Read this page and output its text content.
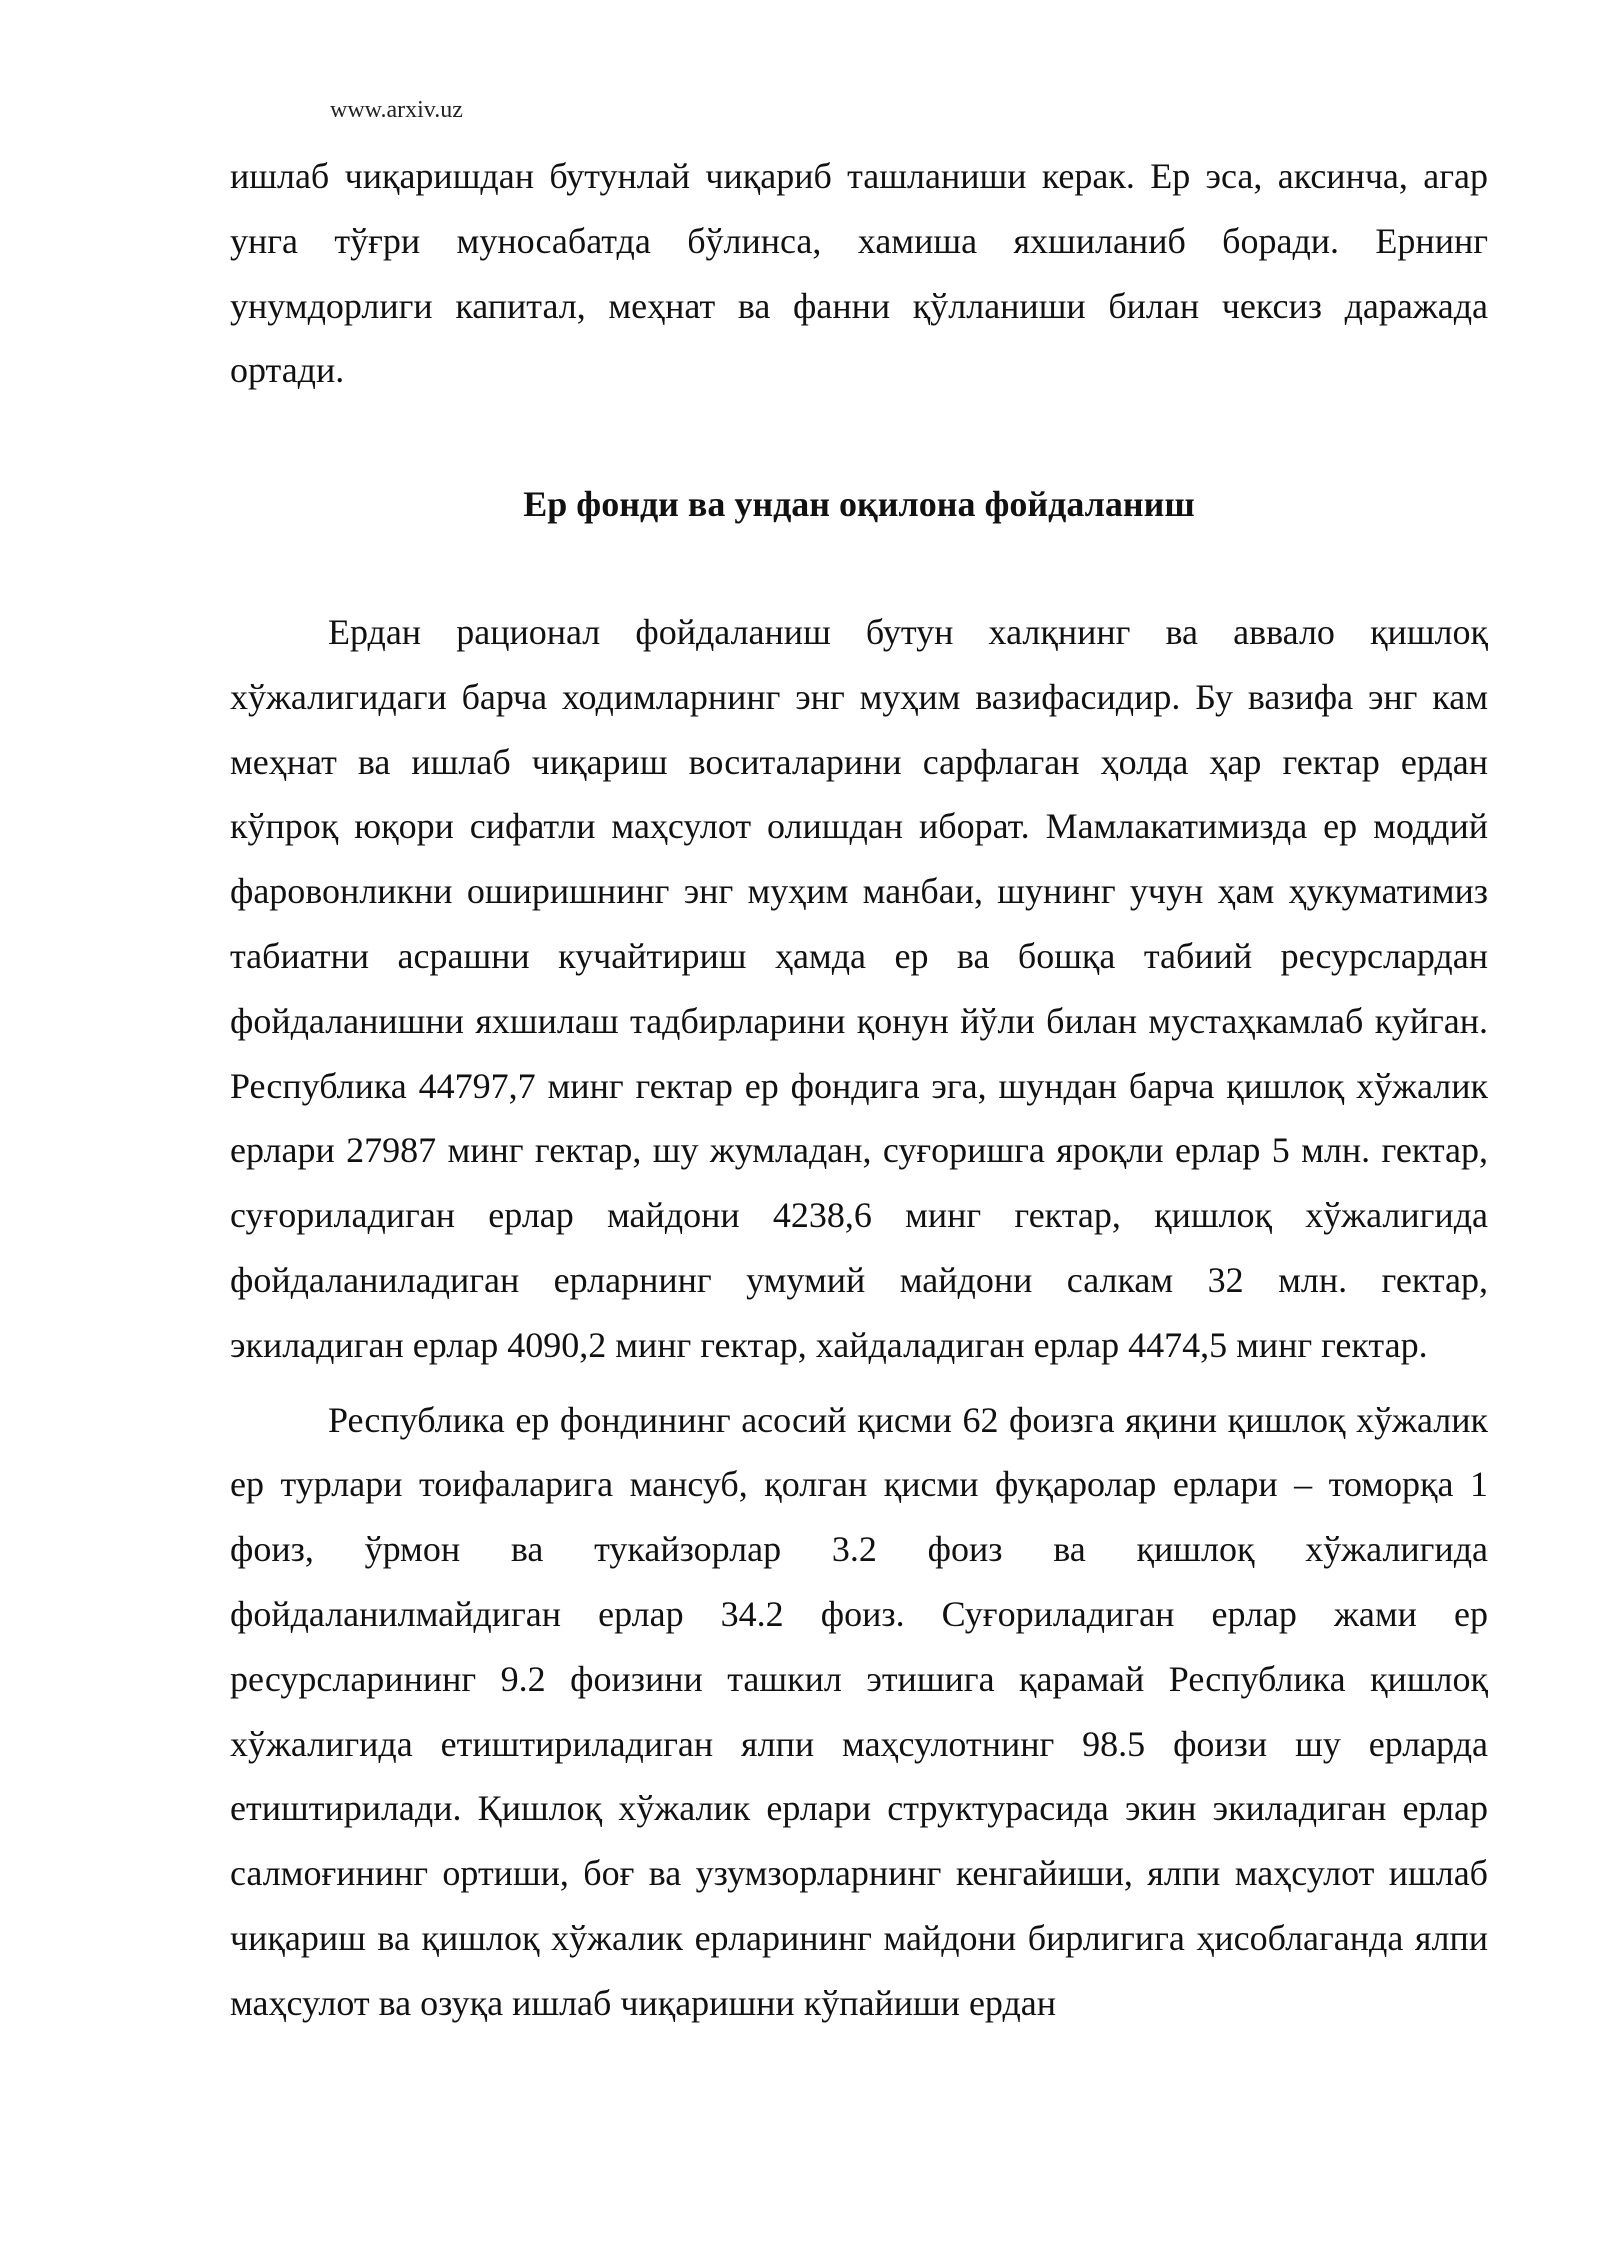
www.arxiv.uz

ишлаб чиқаришдан бутунлай чиқариб ташланиши керак. Ер эса, аксинча, агар унга тўғри муносабатда бўлинса, хамиша яхшиланиб боради. Ернинг унумдорлиги капитал, меҳнат ва фанни қўлланиши билан чексиз даражада ортади.

Ер фонди ва ундан оқилона фойдаланиш

Ердан рационал фойдаланиш бутун халқнинг ва аввало қишлоқ хўжалигидаги барча ходимларнинг энг муҳим вазифасидир. Бу вазифа энг кам меҳнат ва ишлаб чиқариш воситаларини сарфлаган ҳолда ҳар гектар ердан кўпроқ юқори сифатли маҳсулот олишдан иборат. Мамлакатимизда ер моддий фаровонликни оширишнинг энг муҳим манбаи, шунинг учун ҳам ҳукуматимиз табиатни асрашни кучайтириш ҳамда ер ва бошқа табиий ресурслардан фойдаланишни яхшилаш тадбирларини қонун йўли билан мустаҳкамлаб куйган. Республика 44797,7 минг гектар ер фондига эга, шундан барча қишлоқ хўжалик ерлари 27987 минг гектар, шу жумладан, суғоришга яроқли ерлар 5 млн. гектар, суғориладиган ерлар майдони 4238,6 минг гектар, қишлоқ хўжалигида фойдаланиладиган ерларнинг умумий майдони салкам 32 млн. гектар, экиладиган ерлар 4090,2 минг гектар, хайдаладиган ерлар 4474,5 минг гектар.

Республика ер фондининг асосий қисми 62 фоизга яқини қишлоқ хўжалик ер турлари тоифаларига мансуб, қолган қисми фуқаролар ерлари – томорқа 1 фоиз, ўрмон ва тукайзорлар 3.2 фоиз ва қишлоқ хўжалигида фойдаланилмайдиган ерлар 34.2 фоиз. Суғориладиган ерлар жами ер ресурсларининг 9.2 фоизини ташкил этишига қарамай Республика қишлоқ хўжалигида етиштириладиган ялпи маҳсулотнинг 98.5 фоизи шу ерларда етиштирилади. Қишлоқ хўжалик ерлари структурасида экин экиладиган ерлар салмоғининг ортиши, боғ ва узумзорларнинг кенгайиши, ялпи маҳсулот ишлаб чиқариш ва қишлоқ хўжалик ерларининг майдони бирлигига ҳисоблаганда ялпи маҳсулот ва озуқа ишлаб чиқаришни кўпайиши ердан
